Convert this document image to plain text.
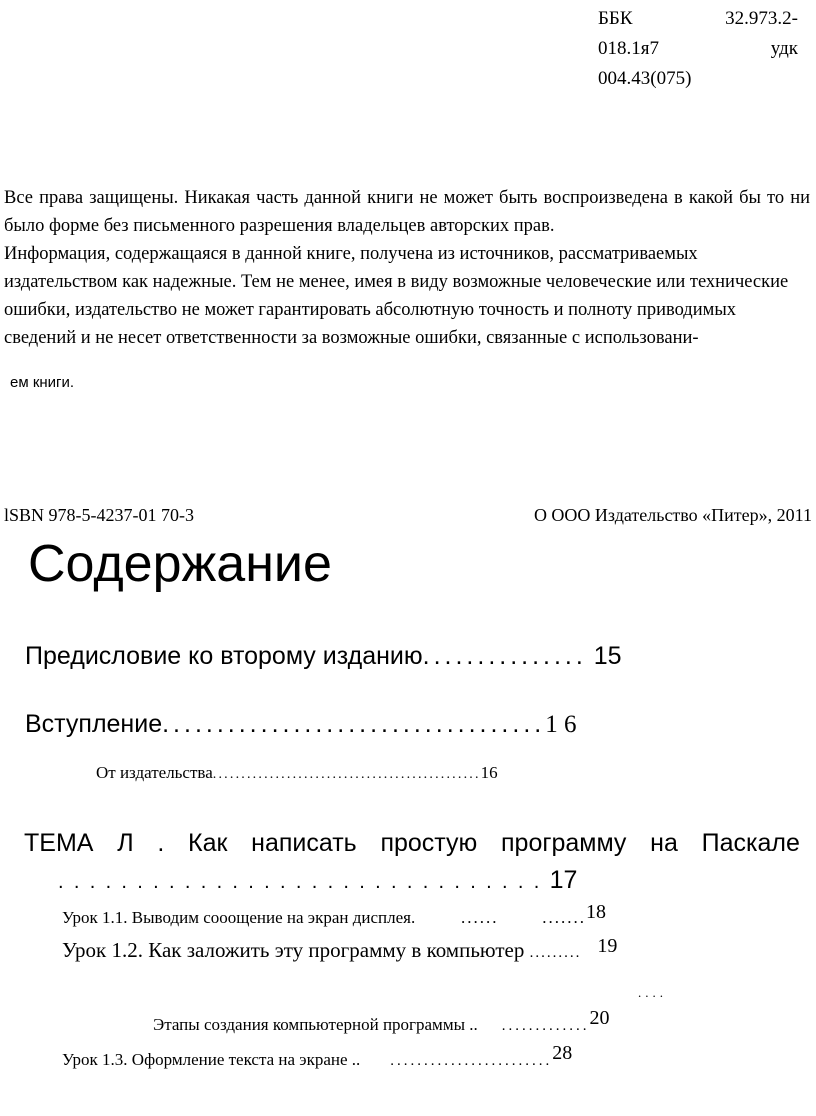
ББК	32.973.2-
018.1я7	удк
004.43(075)

Все права защищены. Никакая часть данной книги не может быть воспроизведена в какой бы то ни было форме без письменного разрешения владельцев авторских прав.

Информация, содержащаяся в данной книге, получена из источников, рассматриваемых издательством как надежные. Тем не менее, имея в виду возможные человеческие или технические ошибки, издательство не может гарантировать абсолютную точность и полноту приводимых сведений и не несет ответственности за возможные ошибки, связанные с использовани-

ем книги.
lSBN 978-5-4237-01 70-3	О ООО Издательство «Питер», 2011
Содержание
Предисловие ко второму изданию............... 15
Вступление...................................1 6
От издательства...............................................16
ТЕМА Л . Как написать простую программу на Паскале
...............................17
Урок 1.1. Выводим сооощение на экран дисплея.       ......       .......18
Урок 1.2. Как заложить эту программу в компьютер ......... 19
....
Этапы создания компьютерной программы .. .............20
Урок 1.3. Оформление текста на экране .. ........................28
